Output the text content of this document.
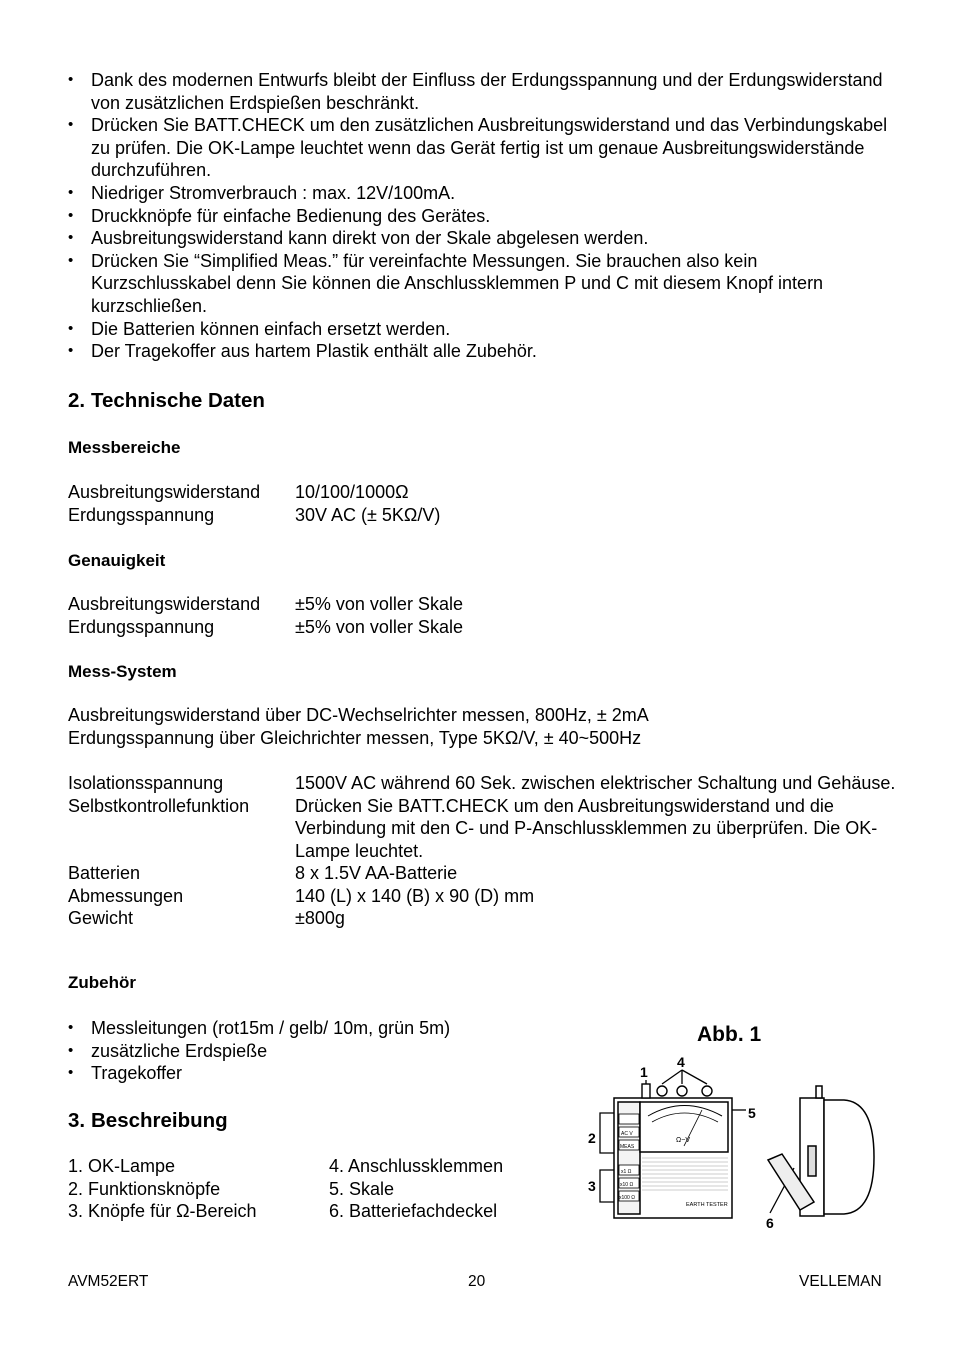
• Dank des modernen Entwurfs bleibt der Einfluss der Erdungsspannung und der Erdungswiderstand von zusätzlichen Erdspießen beschränkt.
• Drücken Sie BATT.CHECK um den zusätzlichen Ausbreitungswiderstand und das Verbindungskabel zu prüfen. Die OK-Lampe leuchtet wenn das Gerät fertig ist um genaue Ausbreitungswiderstände durchzuführen.
• Niedriger Stromverbrauch : max. 12V/100mA.
• Druckknöpfe für einfache Bedienung des Gerätes.
• Ausbreitungswiderstand kann direkt von der Skale abgelesen werden.
• Drücken Sie “Simplified Meas.” für vereinfachte Messungen. Sie brauchen also kein Kurzschlusskabel denn Sie können die Anschlussklemmen P und C mit diesem Knopf intern kurzschließen.
• Die Batterien können einfach ersetzt werden.
• Der Tragekoffer aus hartem Plastik enthält alle Zubehör.
2. Technische Daten
Messbereiche
Ausbreitungswiderstand	10/100/1000Ω
Erdungsspannung	30V AC (± 5KΩ/V)
Genauigkeit
Ausbreitungswiderstand	±5% von voller Skale
Erdungsspannung	±5% von voller Skale
Mess-System
Ausbreitungswiderstand über DC-Wechselrichter messen, 800Hz, ± 2mA
Erdungsspannung über Gleichrichter messen, Type 5KΩ/V, ± 40~500Hz
Isolationsspannung	1500V AC während 60 Sek. zwischen elektrischer Schaltung und Gehäuse.
Selbstkontrollefunktion	Drücken Sie BATT.CHECK um den Ausbreitungswiderstand und die Verbindung mit den C- und P-Anschlussklemmen zu überprüfen. Die OK-Lampe leuchtet.
Batterien	8 x 1.5V AA-Batterie
Abmessungen	140 (L) x 140 (B) x 90 (D) mm
Gewicht	±800g
Zubehör
• Messleitungen (rot15m / gelb/ 10m, grün 5m)
• zusätzliche Erdspieße
• Tragekoffer
3. Beschreibung
1. OK-Lampe
2. Funktionsknöpfe
3. Knöpfe für Ω-Bereich
4. Anschlussklemmen
5. Skale
6. Batteriefachdeckel
Abb. 1
1
2
3
4
5
6
Ω~V
EARTH TESTER
AC V
MEAS
x1 Ω
x10 Ω
x100 Ω
AVM52ERT	20	VELLEMAN
